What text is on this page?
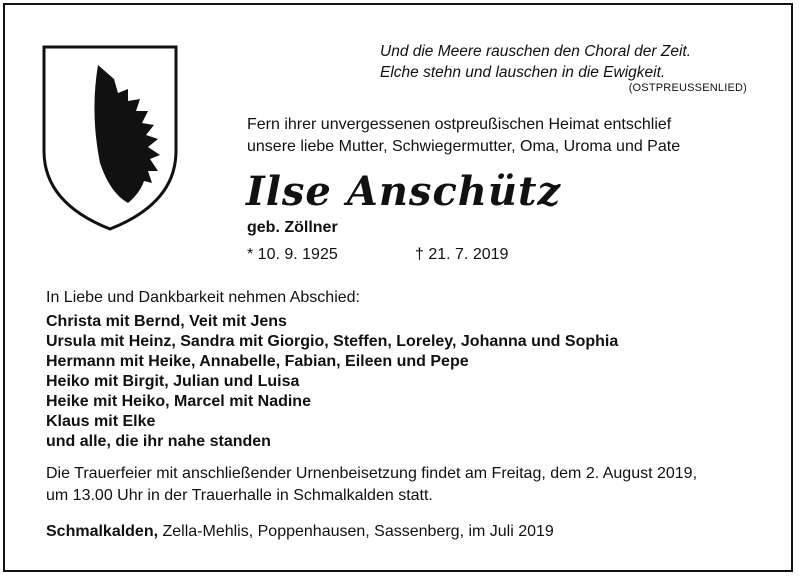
Und die Meere rauschen den Choral der Zeit.
Elche stehn und lauschen in die Ewigkeit.
(OSTPREUSSENLIED)
Fern ihrer unvergessenen ostpreußischen Heimat entschlief
unsere liebe Mutter, Schwiegermutter, Oma, Uroma und Pate
Ilse Anschütz
geb. Zöllner
* 10. 9. 1925	† 21. 7. 2019
In Liebe und Dankbarkeit nehmen Abschied:
Christa mit Bernd, Veit mit Jens
Ursula mit Heinz, Sandra mit Giorgio, Steffen, Loreley, Johanna und Sophia
Hermann mit Heike, Annabelle, Fabian, Eileen und Pepe
Heiko mit Birgit, Julian und Luisa
Heike mit Heiko, Marcel mit Nadine
Klaus mit Elke
und alle, die ihr nahe standen
Die Trauerfeier mit anschließender Urnenbeisetzung findet am Freitag, dem 2. August 2019,
um 13.00 Uhr in der Trauerhalle in Schmalkalden statt.
Schmalkalden, Zella-Mehlis, Poppenhausen, Sassenberg, im Juli 2019
